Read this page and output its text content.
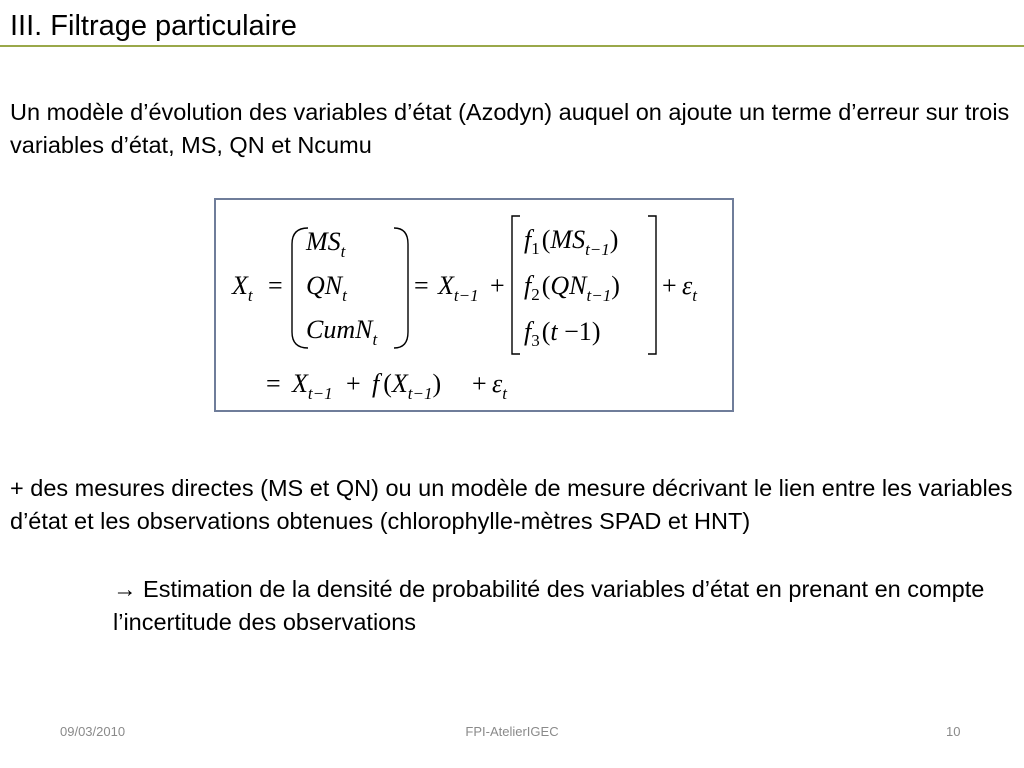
III. Filtrage particulaire
Un modèle d’évolution des variables d’état (Azodyn) auquel on ajoute un terme d’erreur sur trois variables d’état, MS, QN et Ncumu
Xt =
MSt
QNt
CumNt
= Xt−1 +
f1(MSt−1)
f2(QNt−1)
f3(t −1)
+ εt
= Xt−1 + f (Xt−1) + εt
+ des mesures directes (MS et QN) ou un modèle de mesure décrivant le lien entre les variables d’état et les observations obtenues (chlorophylle-mètres SPAD et HNT)
→ Estimation de la densité de probabilité des variables d’état en prenant en compte l’incertitude des observations
09/03/2010	FPI-AtelierIGEC	10
